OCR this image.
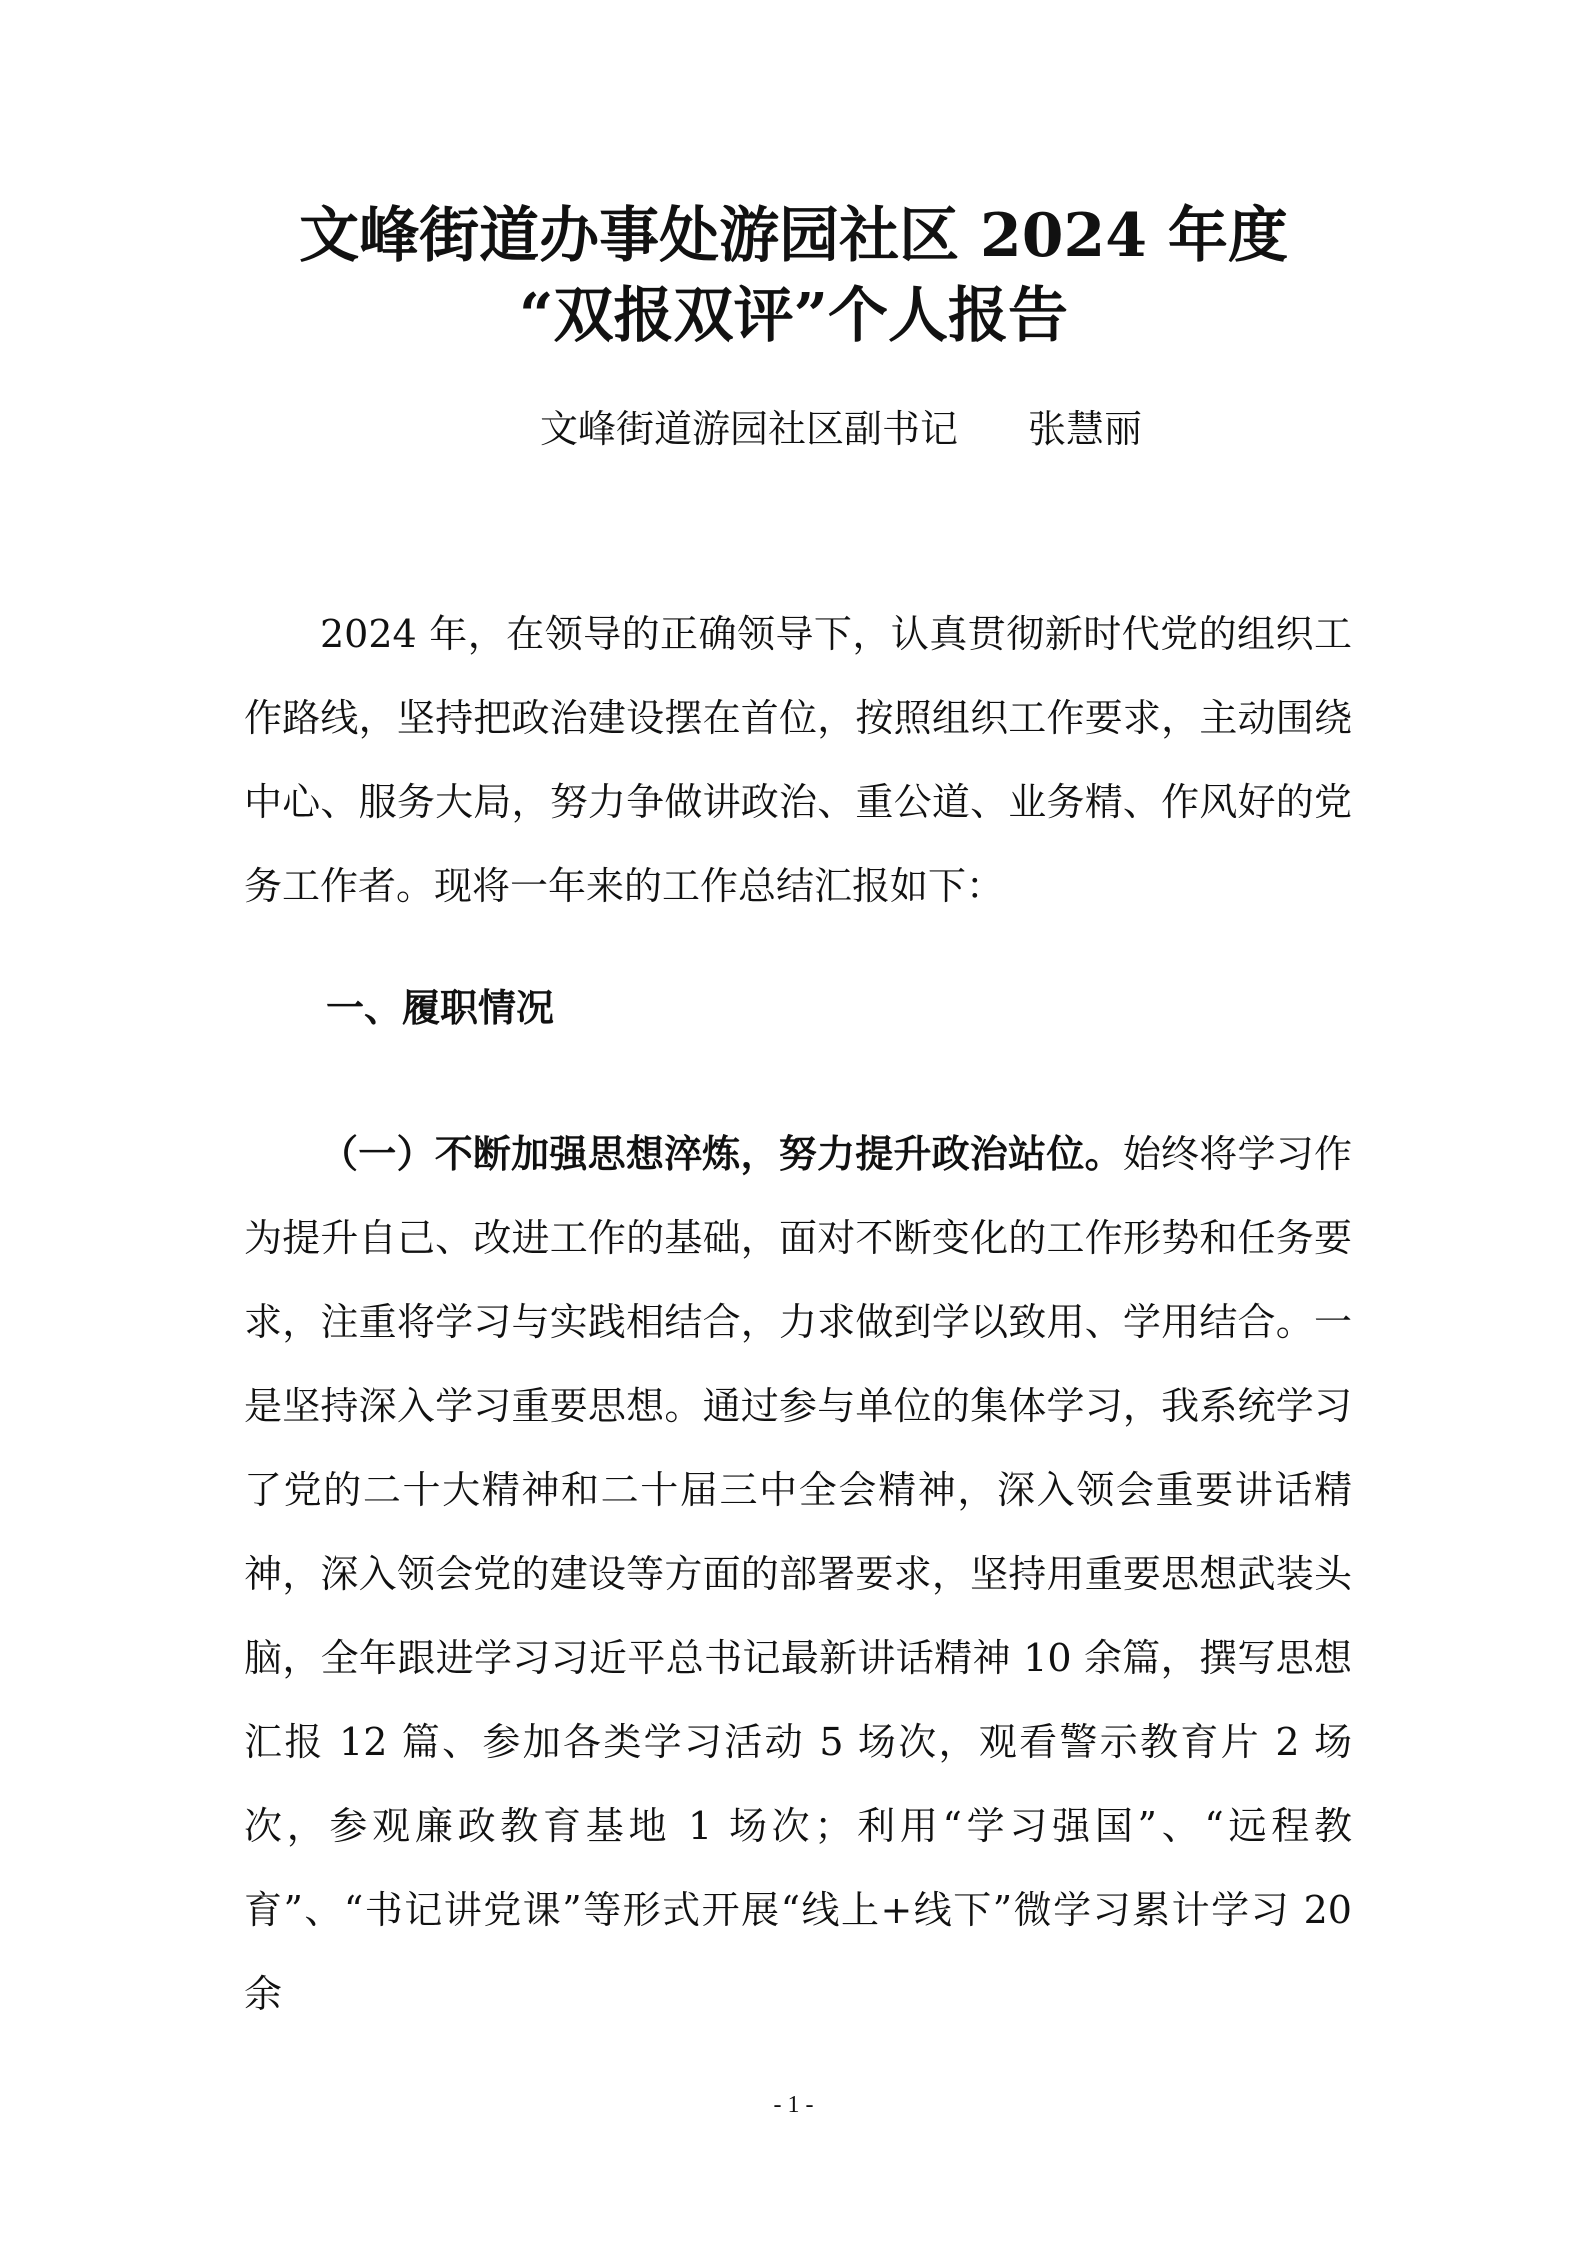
文峰街道办事处游园社区 2024 年度
“双报双评”个人报告
文峰街道游园社区副书记 张慧丽

2024 年，在领导的正确领导下，认真贯彻新时代党的组织工作路线，坚持把政治建设摆在首位，按照组织工作要求，主动围绕中心、服务大局，努力争做讲政治、重公道、业务精、作风好的党务工作者。现将一年来的工作总结汇报如下：

一、履职情况

（一）不断加强思想淬炼，努力提升政治站位。始终将学习作为提升自己、改进工作的基础，面对不断变化的工作形势和任务要求，注重将学习与实践相结合，力求做到学以致用、学用结合。一是坚持深入学习重要思想。通过参与单位的集体学习，我系统学习了党的二十大精神和二十届三中全会精神，深入领会重要讲话精神，深入领会党的建设等方面的部署要求，坚持用重要思想武装头脑，全年跟进学习习近平总书记最新讲话精神 10 余篇，撰写思想汇报 12 篇、参加各类学习活动 5 场次，观看警示教育片 2 场次，参观廉政教育基地 1 场次；利用“学习强国”、“远程教育”、“书记讲党课”等形式开展“线上+线下”微学习累计学习 20 余

- 1 -
